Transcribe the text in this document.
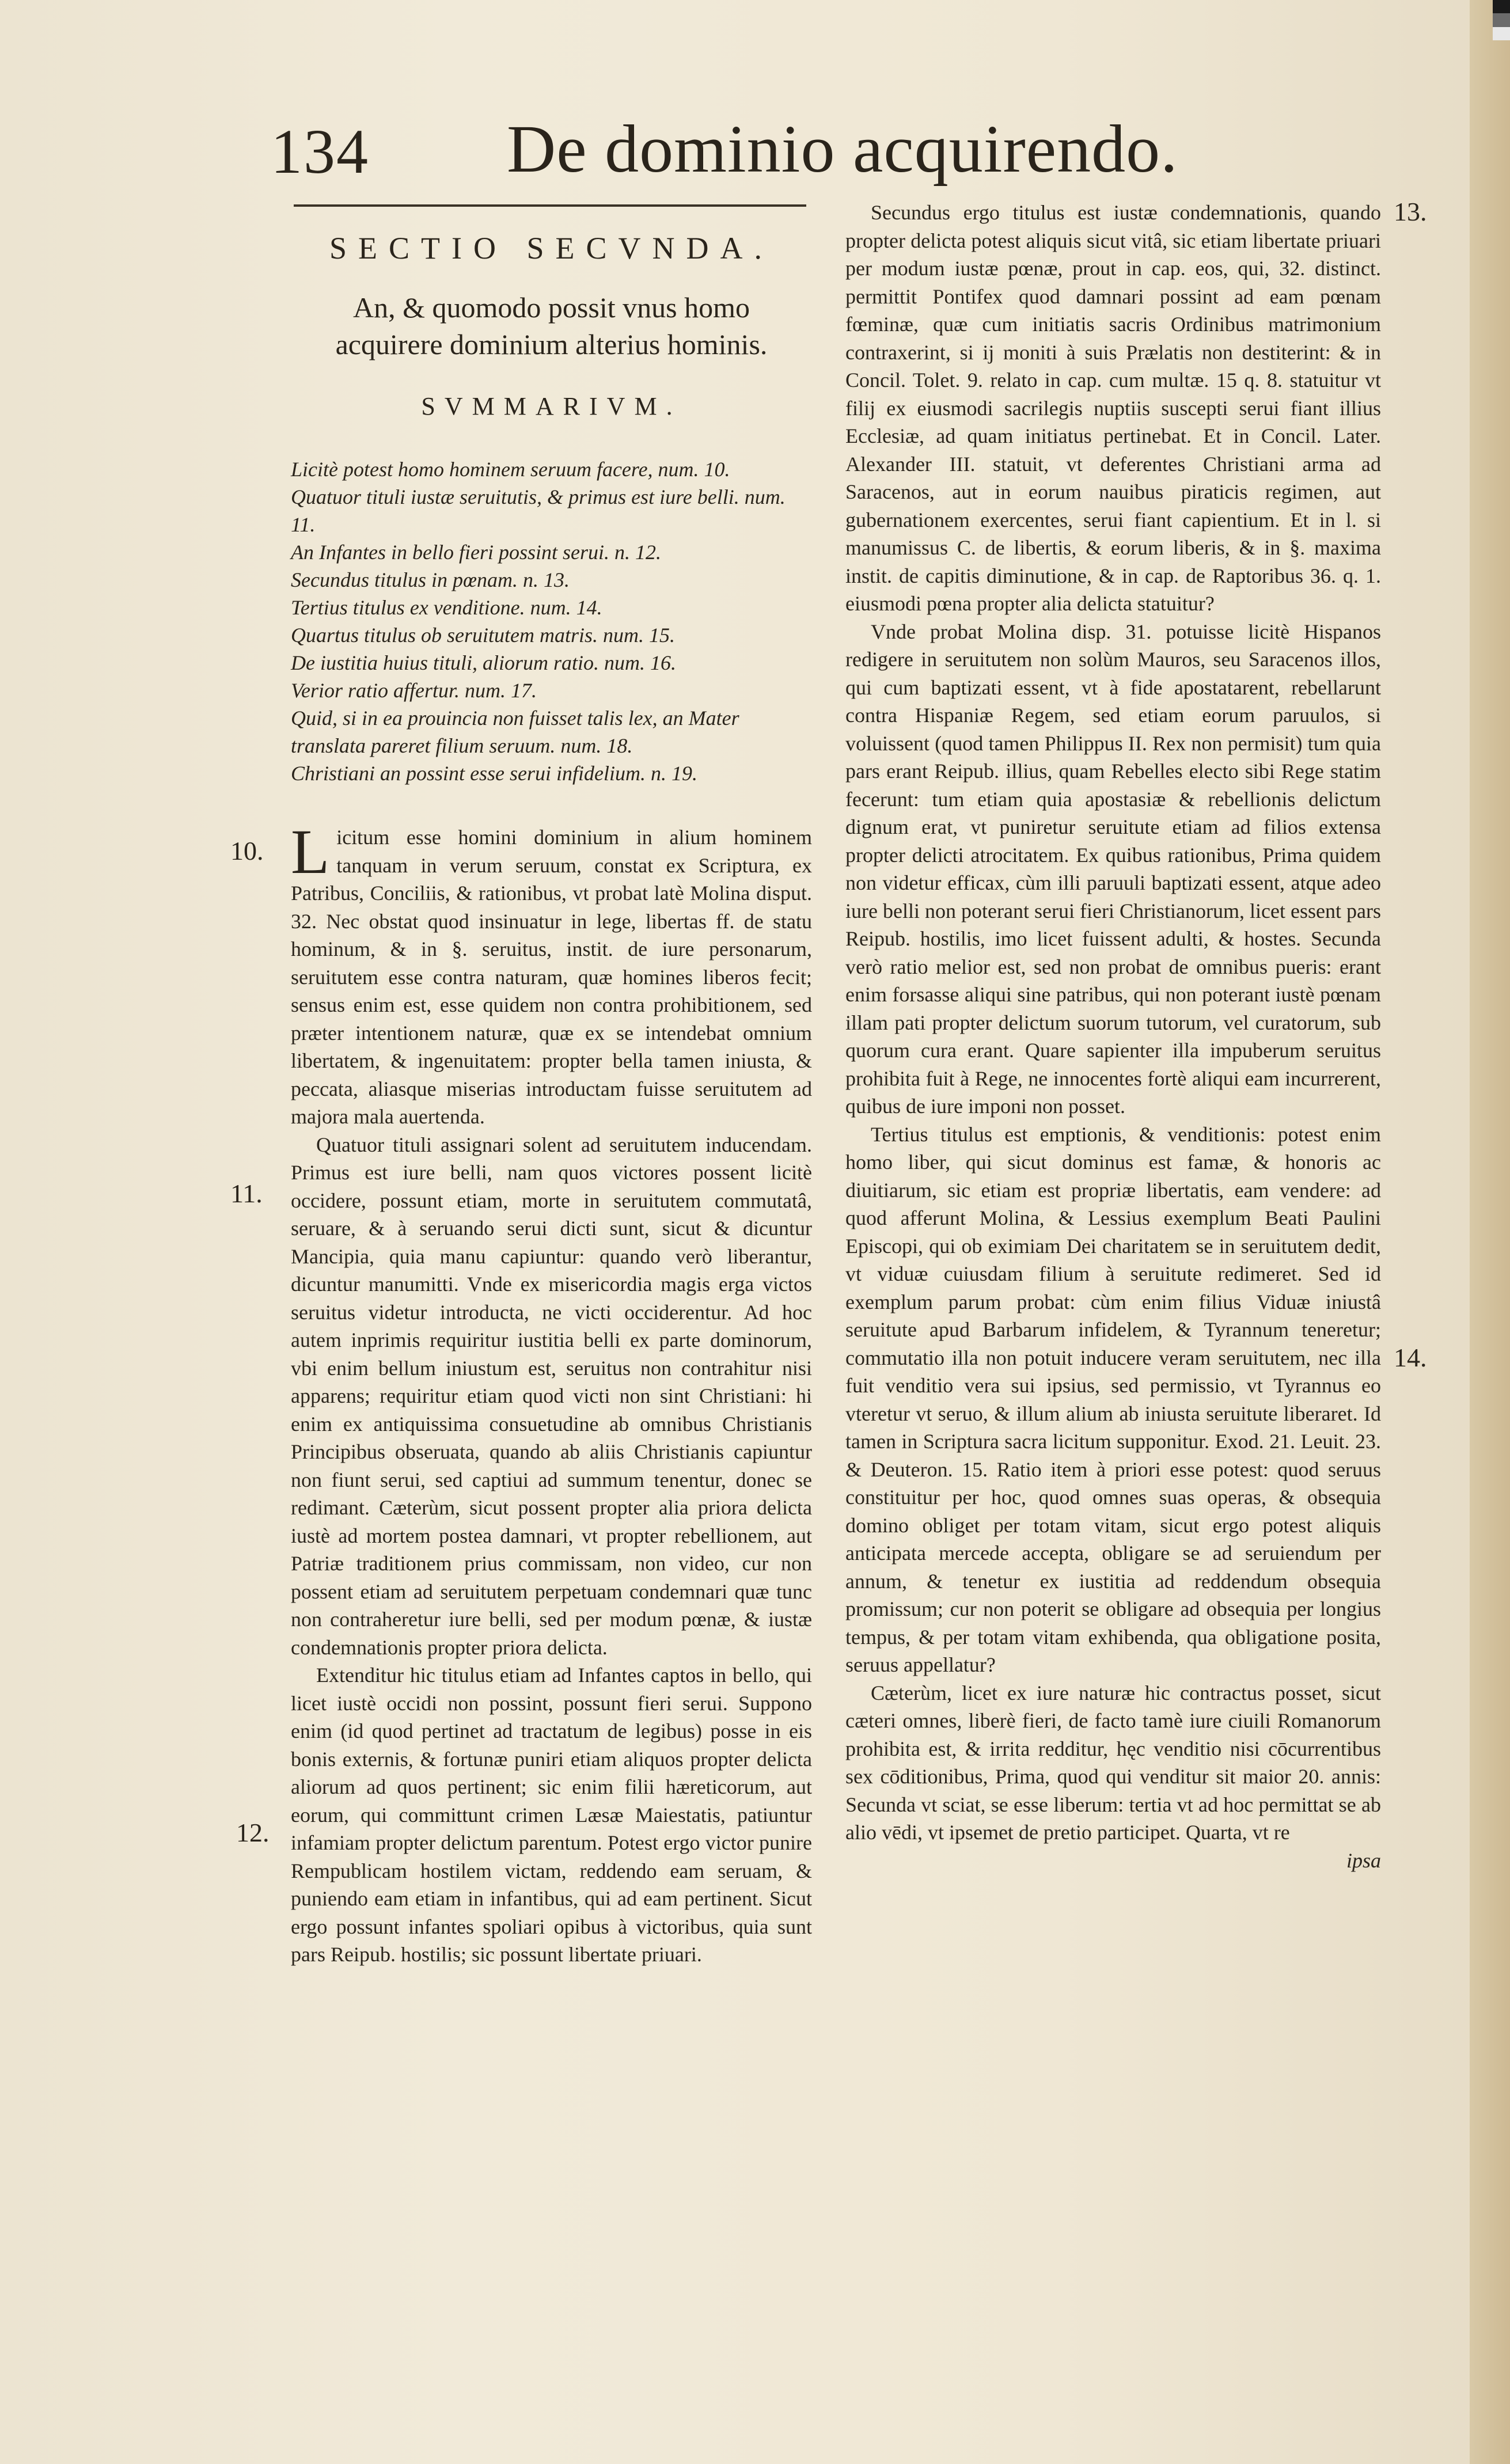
134 De dominio acquirendo.
SECTIO SECVNDA.
An, & quomodo possit vnus homo acquirere dominium alterius hominis.
SVMMARIVM.
Licitè potest homo hominem seruum facere, num. 10.
Quatuor tituli iustæ seruitutis, & primus est iure belli. num. 11.
An Infantes in bello fieri possint serui. n. 12.
Secundus titulus in pœnam. n. 13.
Tertius titulus ex venditione. num. 14.
Quartus titulus ob seruitutem matris. num. 15.
De iustitia huius tituli, aliorum ratio. num. 16.
Verior ratio affertur. num. 17.
Quid, si in ea prouincia non fuisset talis lex, an Mater translata pareret filium seruum. num. 18.
Christiani an possint esse serui infidelium. n. 19.
10.
11.
12.
13.
14.

Licitum esse homini dominium in alium hominem tanquam in verum seruum, constat ex Scriptura, ex Patribus, Conciliis, & rationibus, vt probat latè Molina disput. 32. Nec obstat quod insinuatur in lege, libertas ff. de statu hominum, & in §. seruitus, instit. de iure personarum, seruitutem esse contra naturam, quæ homines liberos fecit; sensus enim est, esse quidem non contra prohibitionem, sed præter intentionem naturæ, quæ ex se intendebat omnium libertatem, & ingenuitatem: propter bella tamen iniusta, & peccata, aliasque miserias introductam fuisse seruitutem ad majora mala auertenda.

Quatuor tituli assignari solent ad seruitutem inducendam. Primus est iure belli, nam quos victores possent licitè occidere, possunt etiam, morte in seruitutem commutatâ, seruare, & à seruando serui dicti sunt, sicut & dicuntur Mancipia, quia manu capiuntur: quando verò liberantur, dicuntur manumitti. Vnde ex misericordia magis erga victos seruitus videtur introducta, ne victi occiderentur. Ad hoc autem inprimis requiritur iustitia belli ex parte dominorum, vbi enim bellum iniustum est, seruitus non contrahitur nisi apparens; requiritur etiam quod victi non sint Christiani: hi enim ex antiquissima consuetudine ab omnibus Christianis Principibus obseruata, quando ab aliis Christianis capiuntur non fiunt serui, sed captiui ad summum tenentur, donec se redimant. Cæterùm, sicut possent propter alia priora delicta iustè ad mortem postea damnari, vt propter rebellionem, aut Patriæ traditionem prius commissam, non video, cur non possent etiam ad seruitutem perpetuam condemnari quæ tunc non contraheretur iure belli, sed per modum pœnæ, & iustæ condemnationis propter priora delicta.

Extenditur hic titulus etiam ad Infantes captos in bello, qui licet iustè occidi non possint, possunt fieri serui. Suppono enim (id quod pertinet ad tractatum de legibus) posse in eis bonis externis, & fortunæ puniri etiam aliquos propter delicta aliorum ad quos pertinent; sic enim filii hæreticorum, aut eorum, qui committunt crimen Læsæ Maiestatis, patiuntur infamiam propter delictum parentum. Potest ergo victor punire Rempublicam hostilem victam, reddendo eam seruam, & puniendo eam etiam in infantibus, qui ad eam pertinent. Sicut ergo possunt infantes spoliari opibus à victoribus, quia sunt pars Reipub. hostilis; sic possunt libertate priuari.

Secundus ergo titulus est iustæ condemnationis, quando propter delicta potest aliquis sicut vitâ, sic etiam libertate priuari per modum iustæ pœnæ, prout in cap. eos, qui, 32. distinct. permittit Pontifex quod damnari possint ad eam pœnam fœminæ, quæ cum initiatis sacris Ordinibus matrimonium contraxerint, si ij moniti à suis Prælatis non destiterint: & in Concil. Tolet. 9. relato in cap. cum multæ. 15 q. 8. statuitur vt filij ex eiusmodi sacrilegis nuptiis suscepti serui fiant illius Ecclesiæ, ad quam initiatus pertinebat. Et in Concil. Later. Alexander III. statuit, vt deferentes Christiani arma ad Saracenos, aut in eorum nauibus piraticis regimen, aut gubernationem exercentes, serui fiant capientium. Et in l. si manumissus C. de libertis, & eorum liberis, & in §. maxima instit. de capitis diminutione, & in cap. de Raptoribus 36. q. 1. eiusmodi pœna propter alia delicta statuitur?

Vnde probat Molina disp. 31. potuisse licitè Hispanos redigere in seruitutem non solùm Mauros, seu Saracenos illos, qui cum baptizati essent, vt à fide apostatarent, rebellarunt contra Hispaniæ Regem, sed etiam eorum paruulos, si voluissent (quod tamen Philippus II. Rex non permisit) tum quia pars erant Reipub. illius, quam Rebelles electo sibi Rege statim fecerunt: tum etiam quia apostasiæ & rebellionis delictum dignum erat, vt puniretur seruitute etiam ad filios extensa propter delicti atrocitatem. Ex quibus rationibus, Prima quidem non videtur efficax, cùm illi paruuli baptizati essent, atque adeo iure belli non poterant serui fieri Christianorum, licet essent pars Reipub. hostilis, imo licet fuissent adulti, & hostes. Secunda verò ratio melior est, sed non probat de omnibus pueris: erant enim forsasse aliqui sine patribus, qui non poterant iustè pœnam illam pati propter delictum suorum tutorum, vel curatorum, sub quorum cura erant. Quare sapienter illa impuberum seruitus prohibita fuit à Rege, ne innocentes fortè aliqui eam incurrerent, quibus de iure imponi non posset.

Tertius titulus est emptionis, & venditionis: potest enim homo liber, qui sicut dominus est famæ, & honoris ac diuitiarum, sic etiam est propriæ libertatis, eam vendere: ad quod afferunt Molina, & Lessius exemplum Beati Paulini Episcopi, qui ob eximiam Dei charitatem se in seruitutem dedit, vt viduæ cuiusdam filium à seruitute redimeret. Sed id exemplum parum probat: cùm enim filius Viduæ iniustâ seruitute apud Barbarum infidelem, & Tyrannum teneretur; commutatio illa non potuit inducere veram seruitutem, nec illa fuit venditio vera sui ipsius, sed permissio, vt Tyrannus eo vteretur vt seruo, & illum alium ab iniusta seruitute liberaret. Id tamen in Scriptura sacra licitum supponitur. Exod. 21. Leuit. 23. & Deuteron. 15. Ratio item à priori esse potest: quod seruus constituitur per hoc, quod omnes suas operas, & obsequia domino obliget per totam vitam, sicut ergo potest aliquis anticipata mercede accepta, obligare se ad seruiendum per annum, & tenetur ex iustitia ad reddendum obsequia promissum; cur non poterit se obligare ad obsequia per longius tempus, & per totam vitam exhibenda, qua obligatione posita, seruus appellatur?

Cæterùm, licet ex iure naturæ hic contractus posset, sicut cæteri omnes, liberè fieri, de facto tamè iure ciuili Romanorum prohibita est, & irrita redditur, hęc venditio nisi cōcurrentibus sex cōditionibus, Prima, quod qui venditur sit maior 20. annis: Secunda vt sciat, se esse liberum: tertia vt ad hoc permittat se ab alio vēdi, vt ipsemet de pretio participet. Quarta, vt re

ipsa
